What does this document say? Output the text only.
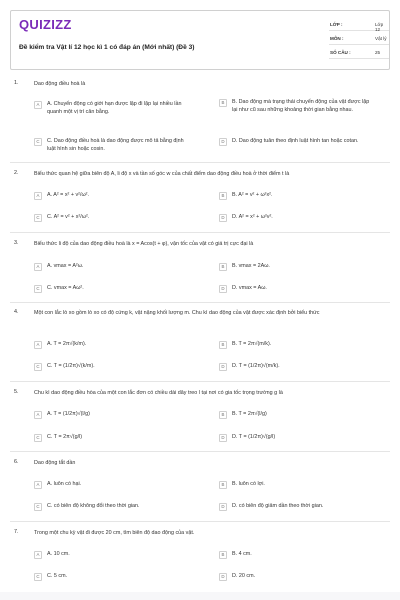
QUIZIZZ
Đề kiểm tra Vật lí 12 học kì 1 có đáp án (Mới nhất) (Đề 3)
LỚP :	Lớp 12
MÔN :	Vật lý
SỐ CÂU :	25
1.	Dao động điều hoà là
A	A. Chuyển động có giới hạn được lặp đi lặp lại nhiều lần quanh một vị trí cân bằng.
B	B. Dao động mà trạng thái chuyển động của vật được lặp lại như cũ sau những khoảng thời gian bằng nhau.
C	C. Dao động điều hoà là dao động được mô tả bằng định luật hình sin hoặc cosin.
D	D. Dao động tuân theo định luật hình tan hoặc cotan.
2.	Biểu thức quan hệ giữa biên độ A, li độ x và tần số góc w của chất điểm dao động điều hoà ở thời điểm t là
A	A. A² = x² + v²/ω².	B	B. A² = v² + ω²x².
C	C. A² = v² + x²/ω².	D	D. A² = x² + ω²v².
3.	Biểu thức li độ của dao động điều hoà là x = Acos(t + φ), vận tốc của vật có giá trị cực đại là
A	A. vmax = A²ω.	B	B. vmax = 2Aω.
C	C. vmax = Aω².	D	D. vmax = Aω.
4.	Một con lắc lò xo gồm lò xo có độ cứng k, vật nặng khối lượng m. Chu kì dao động của vật được xác định bởi biểu thức
A	A. T = 2π√(k/m).	B	B. T = 2π√(m/k).
C	C. T = (1/2π)√(k/m).	D	D. T = (1/2π)√(m/k).
5.	Chu kì dao động điều hòa của một con lắc đơn có chiều dài dây treo l tại nơi có gia tốc trọng trường g là
A	A. T = (1/2π)√(l/g)	B	B. T = 2π√(l/g)
C	C. T = 2π√(g/l)	D	D. T = (1/2π)√(g/l)
6.	Dao động tắt dần
A	A. luôn có hại.	B	B. luôn có lợi.
C	C. có biên độ không đổi theo thời gian.	D	D. có biên độ giảm dần theo thời gian.
7.	Trong một chu kỳ vật đi được 20 cm, tìm biên độ dao động của vật.
A	A. 10 cm.	B	B. 4 cm.
C	C. 5 cm.	D	D. 20 cm.
